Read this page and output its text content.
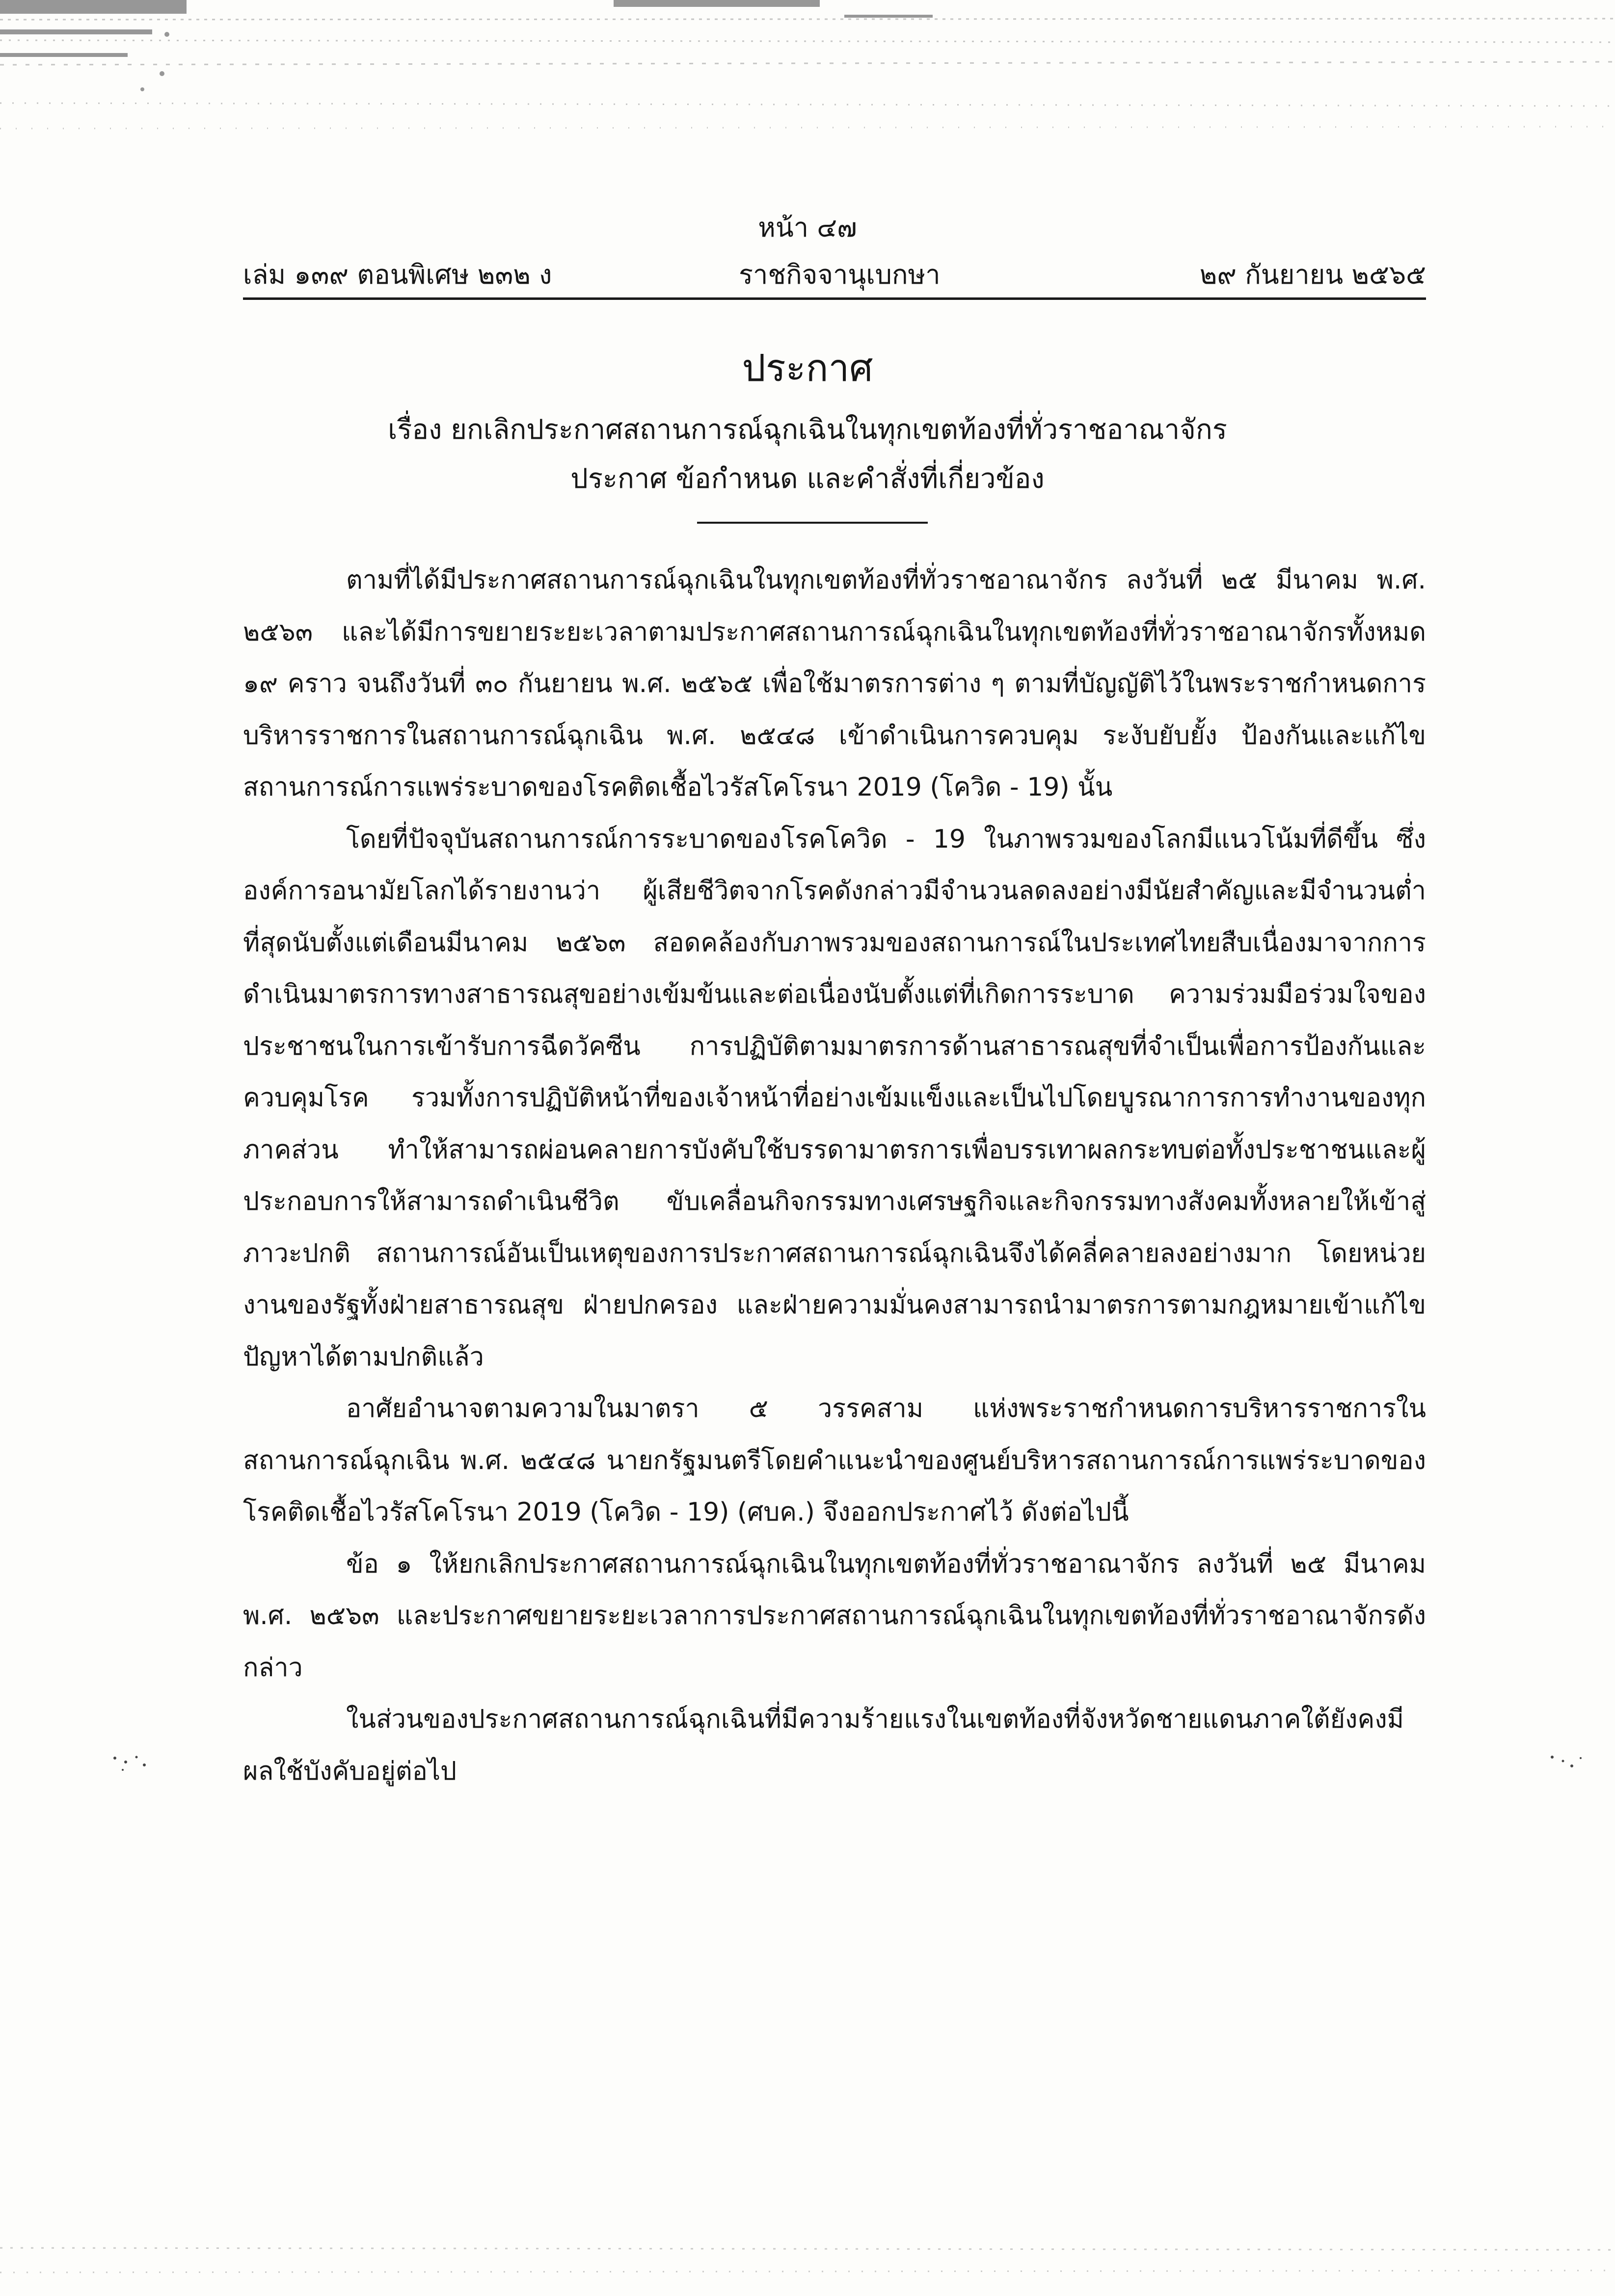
หน้า ๔๗
เล่ม ๑๓๙ ตอนพิเศษ ๒๓๒ ง	ราชกิจจานุเบกษา	๒๙ กันยายน ๒๕๖๕
ประกาศ
เรื่อง ยกเลิกประกาศสถานการณ์ฉุกเฉินในทุกเขตท้องที่ทั่วราชอาณาจักร
ประกาศ ข้อกำหนด และคำสั่งที่เกี่ยวข้อง

ตามที่ได้มีประกาศสถานการณ์ฉุกเฉินในทุกเขตท้องที่ทั่วราชอาณาจักร ลงวันที่ ๒๕ มีนาคม พ.ศ. ๒๕๖๓ และได้มีการขยายระยะเวลาตามประกาศสถานการณ์ฉุกเฉินในทุกเขตท้องที่ทั่วราชอาณาจักรทั้งหมด ๑๙ คราว จนถึงวันที่ ๓๐ กันยายน พ.ศ. ๒๕๖๕ เพื่อใช้มาตรการต่าง ๆ ตามที่บัญญัติไว้ในพระราชกำหนดการบริหารราชการในสถานการณ์ฉุกเฉิน พ.ศ. ๒๕๔๘ เข้าดำเนินการควบคุม ระงับยับยั้ง ป้องกันและแก้ไขสถานการณ์การแพร่ระบาดของโรคติดเชื้อไวรัสโคโรนา 2019 (โควิด - 19) นั้น

โดยที่ปัจจุบันสถานการณ์การระบาดของโรคโควิด - 19 ในภาพรวมของโลกมีแนวโน้มที่ดีขึ้น ซึ่งองค์การอนามัยโลกได้รายงานว่า ผู้เสียชีวิตจากโรคดังกล่าวมีจำนวนลดลงอย่างมีนัยสำคัญและมีจำนวนต่ำที่สุดนับตั้งแต่เดือนมีนาคม ๒๕๖๓ สอดคล้องกับภาพรวมของสถานการณ์ในประเทศไทยสืบเนื่องมาจากการดำเนินมาตรการทางสาธารณสุขอย่างเข้มข้นและต่อเนื่องนับตั้งแต่ที่เกิดการระบาด ความร่วมมือร่วมใจของประชาชนในการเข้ารับการฉีดวัคซีน การปฏิบัติตามมาตรการด้านสาธารณสุขที่จำเป็นเพื่อการป้องกันและควบคุมโรค รวมทั้งการปฏิบัติหน้าที่ของเจ้าหน้าที่อย่างเข้มแข็งและเป็นไปโดยบูรณาการการทำงานของทุกภาคส่วน ทำให้สามารถผ่อนคลายการบังคับใช้บรรดามาตรการเพื่อบรรเทาผลกระทบต่อทั้งประชาชนและผู้ประกอบการให้สามารถดำเนินชีวิต ขับเคลื่อนกิจกรรมทางเศรษฐกิจและกิจกรรมทางสังคมทั้งหลายให้เข้าสู่ภาวะปกติ สถานการณ์อันเป็นเหตุของการประกาศสถานการณ์ฉุกเฉินจึงได้คลี่คลายลงอย่างมาก โดยหน่วยงานของรัฐทั้งฝ่ายสาธารณสุข ฝ่ายปกครอง และฝ่ายความมั่นคงสามารถนำมาตรการตามกฎหมายเข้าแก้ไขปัญหาได้ตามปกติแล้ว

อาศัยอำนาจตามความในมาตรา ๕ วรรคสาม แห่งพระราชกำหนดการบริหารราชการในสถานการณ์ฉุกเฉิน พ.ศ. ๒๕๔๘ นายกรัฐมนตรีโดยคำแนะนำของศูนย์บริหารสถานการณ์การแพร่ระบาดของโรคติดเชื้อไวรัสโคโรนา 2019 (โควิด - 19) (ศบค.) จึงออกประกาศไว้ ดังต่อไปนี้

ข้อ ๑ ให้ยกเลิกประกาศสถานการณ์ฉุกเฉินในทุกเขตท้องที่ทั่วราชอาณาจักร ลงวันที่ ๒๕ มีนาคม พ.ศ. ๒๕๖๓ และประกาศขยายระยะเวลาการประกาศสถานการณ์ฉุกเฉินในทุกเขตท้องที่ทั่วราชอาณาจักรดังกล่าว

ในส่วนของประกาศสถานการณ์ฉุกเฉินที่มีความร้ายแรงในเขตท้องที่จังหวัดชายแดนภาคใต้ยังคงมีผลใช้บังคับอยู่ต่อไป
